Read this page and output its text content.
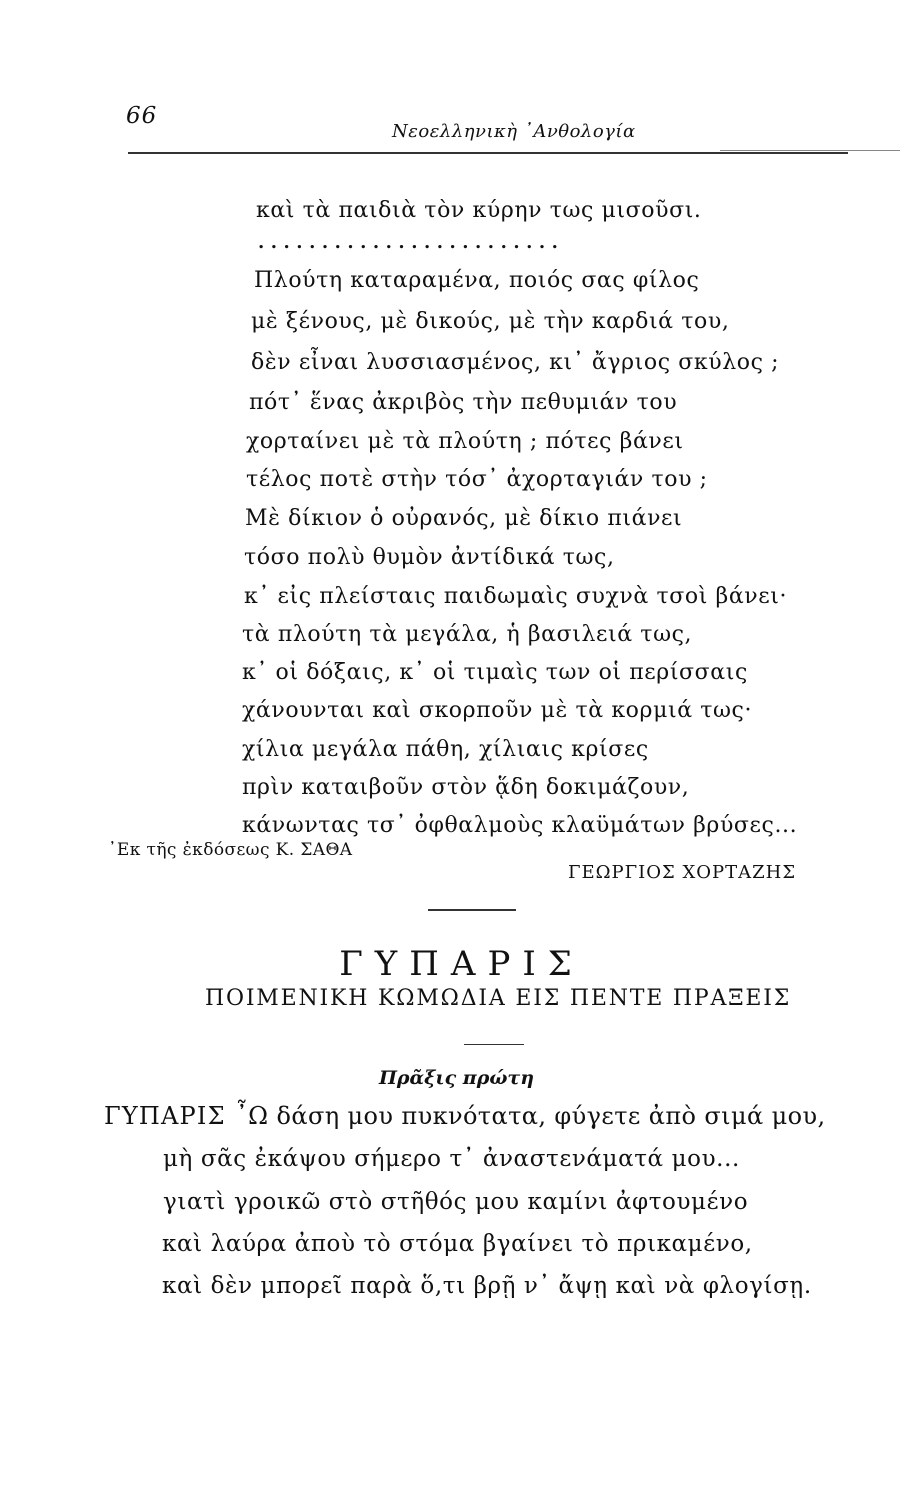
66
Νεοελληνικὴ ᾿Ανθολογία
καὶ τὰ παιδιὰ τὸν κύρην τως μισοῦσι.
........................
Πλούτη καταραμένα, ποιός σας φίλος
μὲ ξένους, μὲ δικούς, μὲ τὴν καρδιά του,
δὲν εἶναι λυσσιασμένος, κι᾿ ἄγριος σκύλος ;
πότ᾿ ἕνας ἀκριβὸς τὴν πεθυμιάν του
χορταίνει μὲ τὰ πλούτη ; πότες βάνει
τέλος ποτὲ στὴν τόσ᾿ ἀχορταγιάν του ;
Μὲ δίκιον ὁ οὐρανός, μὲ δίκιο πιάνει
τόσο πολὺ θυμὸν ἀντίδικά τως,
κ᾿ εἰς πλείσταις παιδωμαὶς συχνὰ τσοὶ βάνει·
τὰ πλούτη τὰ μεγάλα, ἡ βασιλειά τως,
κ᾿ οἱ δόξαις, κ᾿ οἱ τιμαὶς των οἱ περίσσαις
χάνουνται καὶ σκορποῦν μὲ τὰ κορμιά τως·
χίλια μεγάλα πάθη, χίλιαις κρίσες
πρὶν καταιβοῦν στὸν ᾅδη δοκιμάζουν,
κάνωντας τσ᾿ ὀφθαλμοὺς κλαϋμάτων βρύσες...
᾿Εκ τῆς ἐκδόσεως Κ. ΣΑΘΑ
ΓΕΩΡΓΙΟΣ ΧΟΡΤΑΖΗΣ
ΓΥΠΑΡΙΣ
ΠΟΙΜΕΝΙΚΗ ΚΩΜΩΔΙΑ ΕΙΣ ΠΕΝΤΕ ΠΡΑΞΕΙΣ
Πρᾶξις πρώτη
ΓΥΠΑΡΙΣ ῏Ω δάση μου πυκνότατα, φύγετε ἀπὸ σιμά μου,
μὴ σᾶς ἐκάψου σήμερο τ᾿ ἀναστενάματά μου...
γιατὶ γροικῶ στὸ στῆθός μου καμίνι ἀφτουμένο
καὶ λαύρα ἀποὺ τὸ στόμα βγαίνει τὸ πρικαμένο,
καὶ δὲν μπορεῖ παρὰ ὅ,τι βρῇ ν᾿ ἄψῃ καὶ νὰ φλογίσῃ.
